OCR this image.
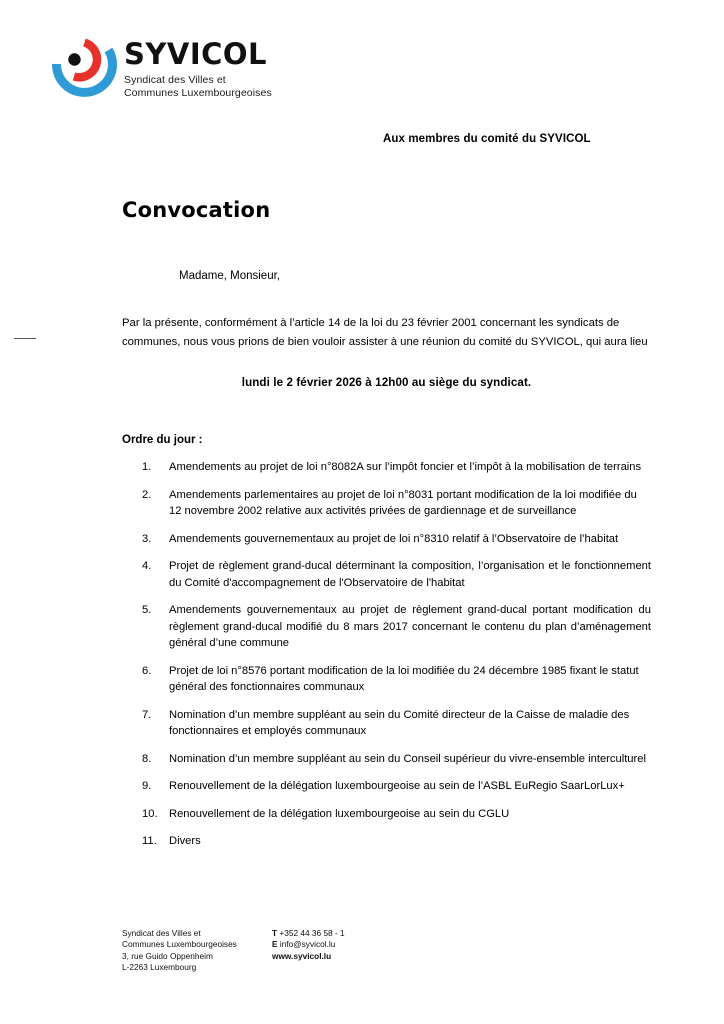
SYVICOL
Syndicat des Villes et
Communes Luxembourgeoises
Aux membres du comité du SYVICOL
Convocation
Madame, Monsieur,
Par la présente, conformément à l’article 14 de la loi du 23 février 2001 concernant les syndicats de communes, nous vous prions de bien vouloir assister à une réunion du comité du SYVICOL, qui aura lieu
lundi le 2 février 2026 à 12h00 au siège du syndicat.
Ordre du jour :
Amendements au projet de loi n°8082A sur l’impôt foncier et l’impôt à la mobilisation de terrains
Amendements parlementaires au projet de loi n°8031 portant modification de la loi modifiée du 12 novembre 2002 relative aux activités privées de gardiennage et de surveillance
Amendements gouvernementaux au projet de loi n°8310 relatif à l’Observatoire de l’habitat
Projet de règlement grand-ducal déterminant la composition, l’organisation et le fonctionnement du Comité d'accompagnement de l'Observatoire de l'habitat
Amendements gouvernementaux au projet de règlement grand-ducal portant modification du règlement grand-ducal modifié du 8 mars 2017 concernant le contenu du plan d’aménagement général d’une commune
Projet de loi n°8576 portant modification de la loi modifiée du 24 décembre 1985 fixant le statut général des fonctionnaires communaux
Nomination d’un membre suppléant au sein du Comité directeur de la Caisse de maladie des fonctionnaires et employés communaux
Nomination d’un membre suppléant au sein du Conseil supérieur du vivre-ensemble interculturel
Renouvellement de la délégation luxembourgeoise au sein de l’ASBL EuRegio SaarLorLux+
Renouvellement de la délégation luxembourgeoise au sein du CGLU
Divers
Syndicat des Villes et
Communes Luxembourgeoises
3, rue Guido Oppenheim
L-2263 Luxembourg
T +352 44 36 58 - 1
E info@syvicol.lu
www.syvicol.lu
